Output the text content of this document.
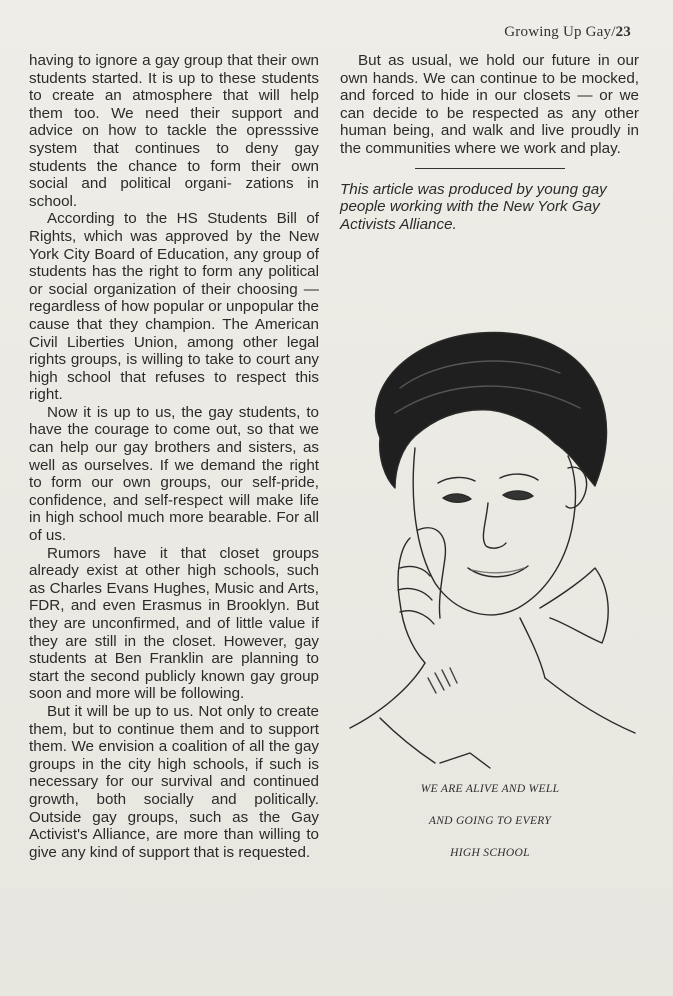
Growing Up Gay/23

having to ignore a gay group that their own students started. It is up to these students to create an atmosphere that will help them too. We need their support and advice on how to tackle the opresssive system that continues to deny gay students the chance to form their own social and political organi- zations in school.

According to the HS Students Bill of Rights, which was approved by the New York City Board of Education, any group of students has the right to form any political or social organization of their choosing — regardless of how popular or unpopular the cause that they champion. The American Civil Liberties Union, among other legal rights groups, is willing to take to court any high school that refuses to respect this right.

Now it is up to us, the gay students, to have the courage to come out, so that we can help our gay brothers and sisters, as well as ourselves. If we demand the right to form our own groups, our self-pride, confidence, and self-respect will make life in high school much more bearable. For all of us.

Rumors have it that closet groups already exist at other high schools, such as Charles Evans Hughes, Music and Arts, FDR, and even Erasmus in Brooklyn. But they are unconfirmed, and of little value if they are still in the closet. However, gay students at Ben Franklin are planning to start the second publicly known gay group soon and more will be following.

But it will be up to us. Not only to create them, but to continue them and to support them. We envision a coalition of all the gay groups in the city high schools, if such is necessary for our survival and continued growth, both socially and politically. Outside gay groups, such as the Gay Activist's Alliance, are more than willing to give any kind of support that is requested.

But as usual, we hold our future in our own hands. We can continue to be mocked, and forced to hide in our closets — or we can decide to be respected as any other human being, and walk and live proudly in the communities where we work and play.

This article was produced by young gay people working with the New York Gay Activists Alliance.

WE ARE ALIVE AND WELL
AND GOING TO EVERY
HIGH SCHOOL
